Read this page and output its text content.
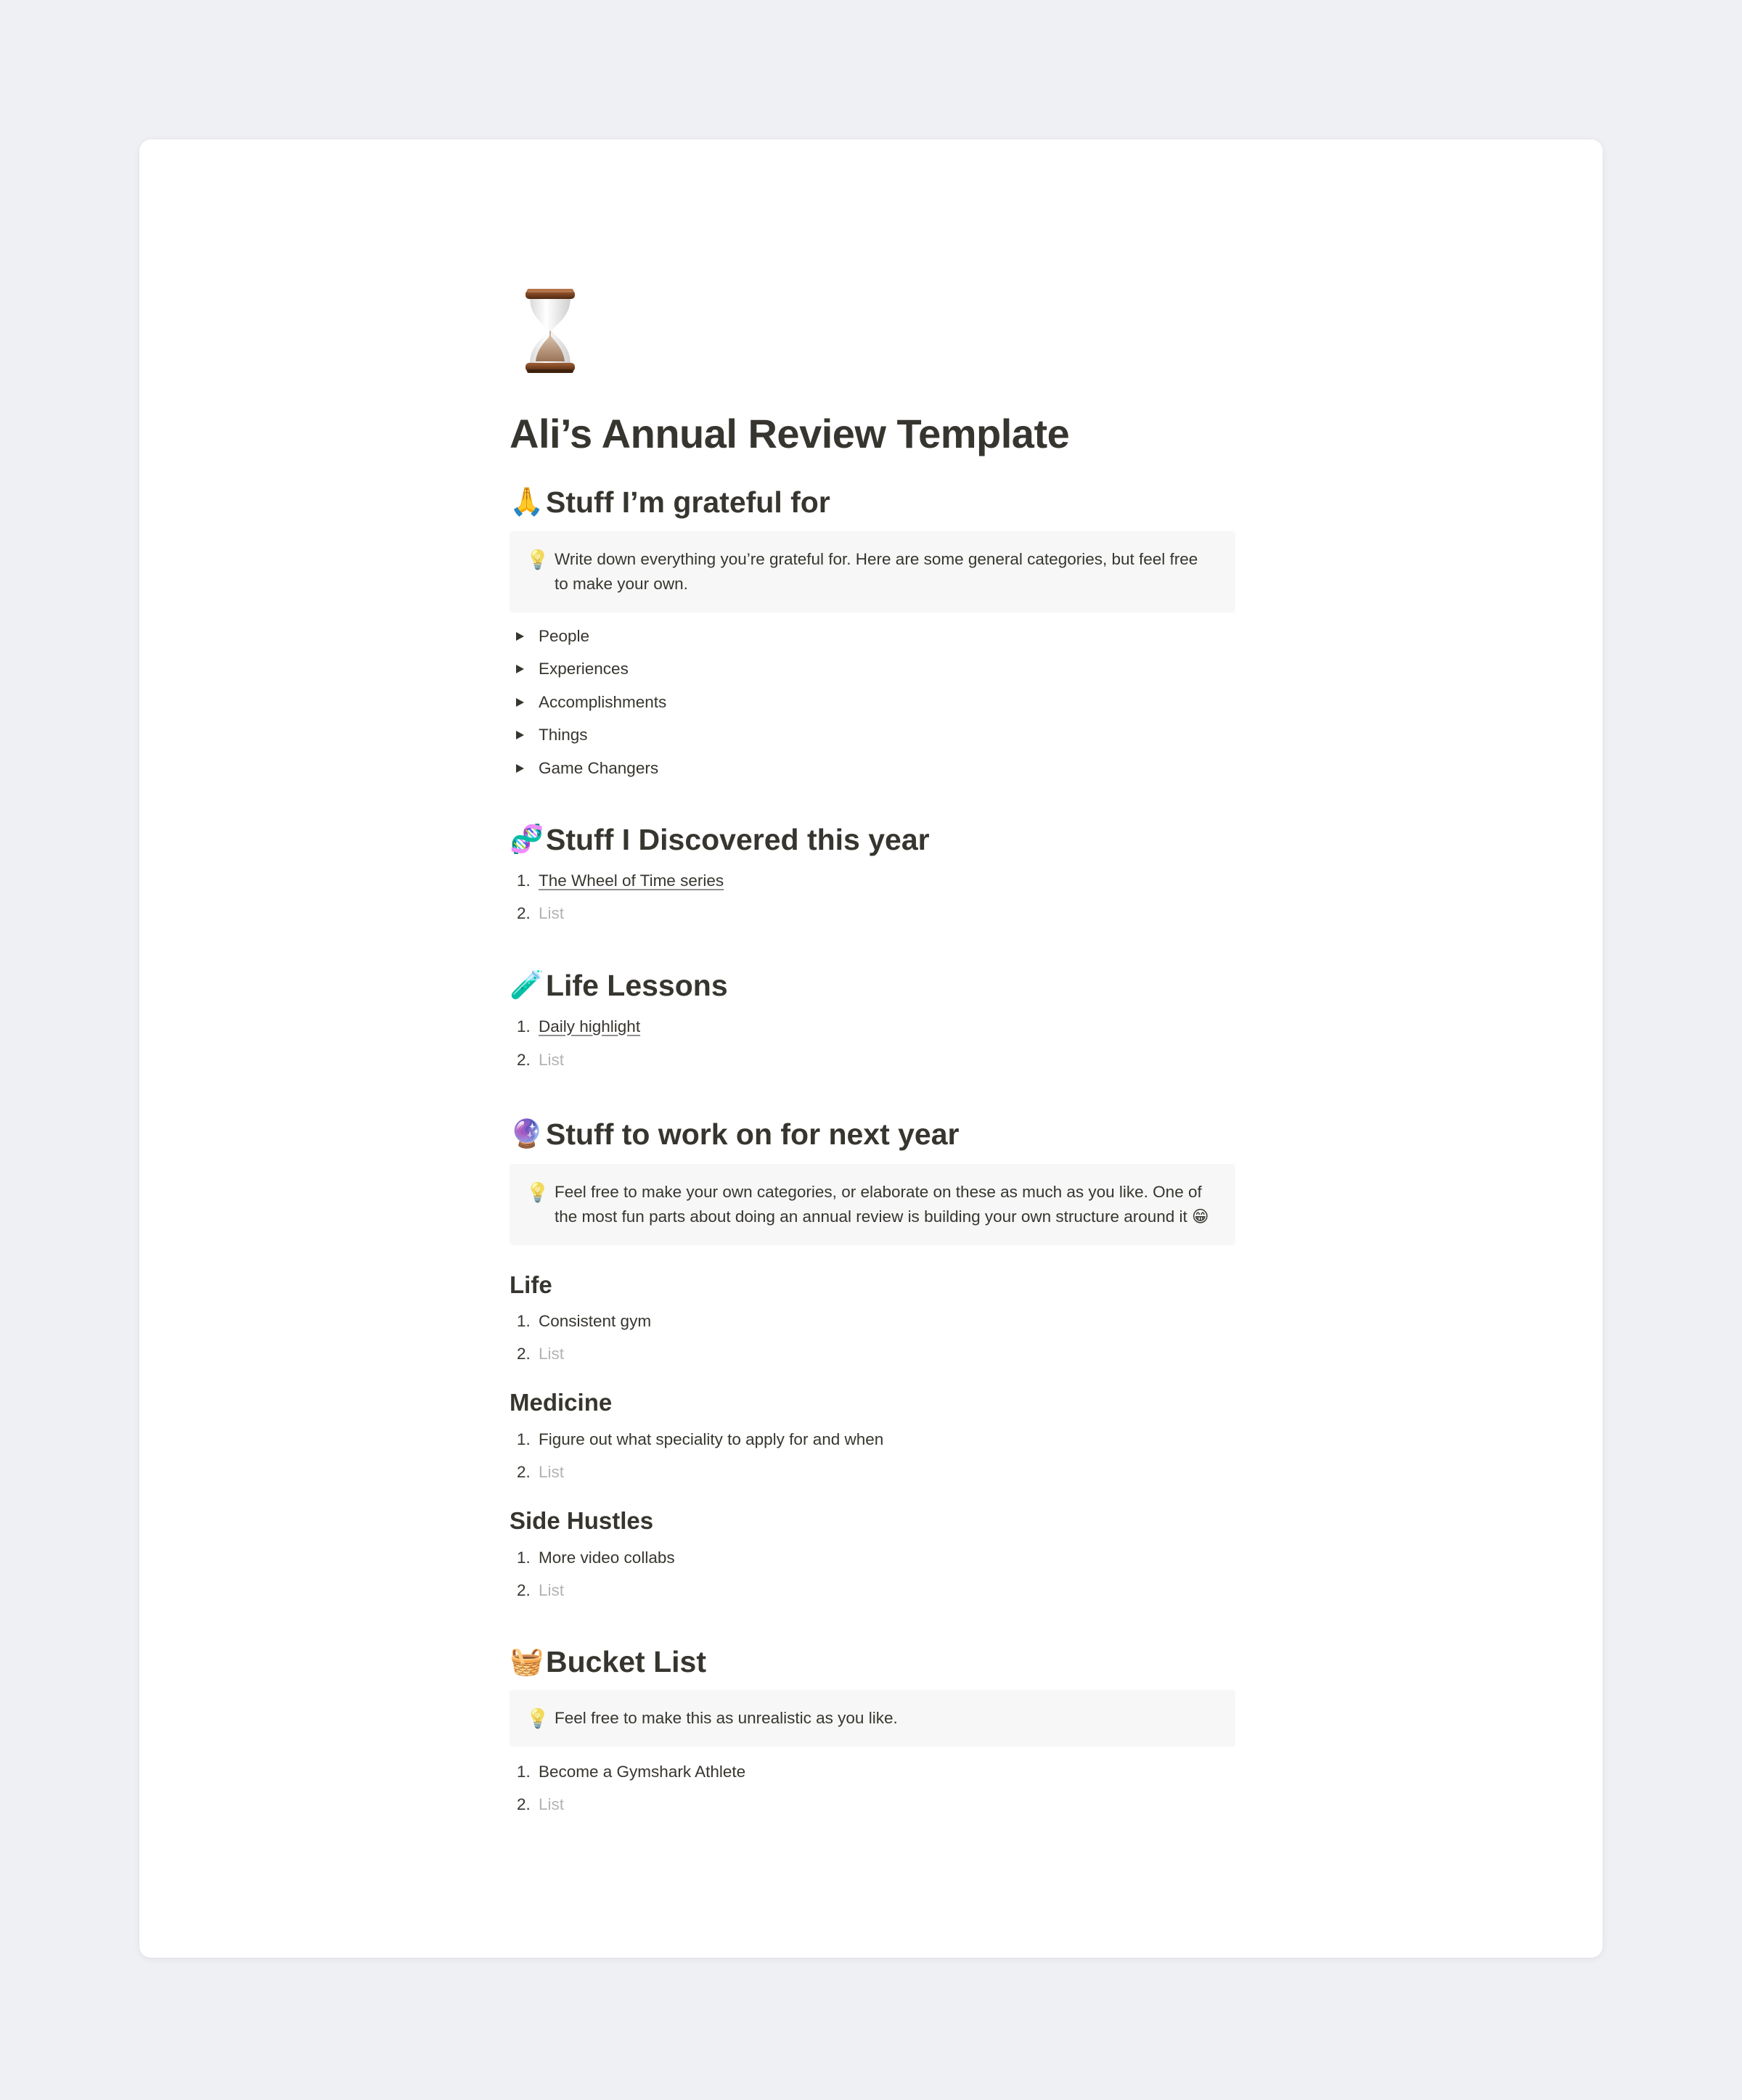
Ali’s Annual Review Template
🙏 Stuff I’m grateful for
💡 Write down everything you’re grateful for. Here are some general categories, but feel free to make your own.
People
Experiences
Accomplishments
Things
Game Changers
🧬 Stuff I Discovered this year
1. The Wheel of Time series
2. List
🧪 Life Lessons
1. Daily highlight
2. List
🔮 Stuff to work on for next year
💡 Feel free to make your own categories, or elaborate on these as much as you like. One of the most fun parts about doing an annual review is building your own structure around it 😁
Life
1. Consistent gym
2. List
Medicine
1. Figure out what speciality to apply for and when
2. List
Side Hustles
1. More video collabs
2. List
🧺 Bucket List
💡 Feel free to make this as unrealistic as you like.
1. Become a Gymshark Athlete
2. List
